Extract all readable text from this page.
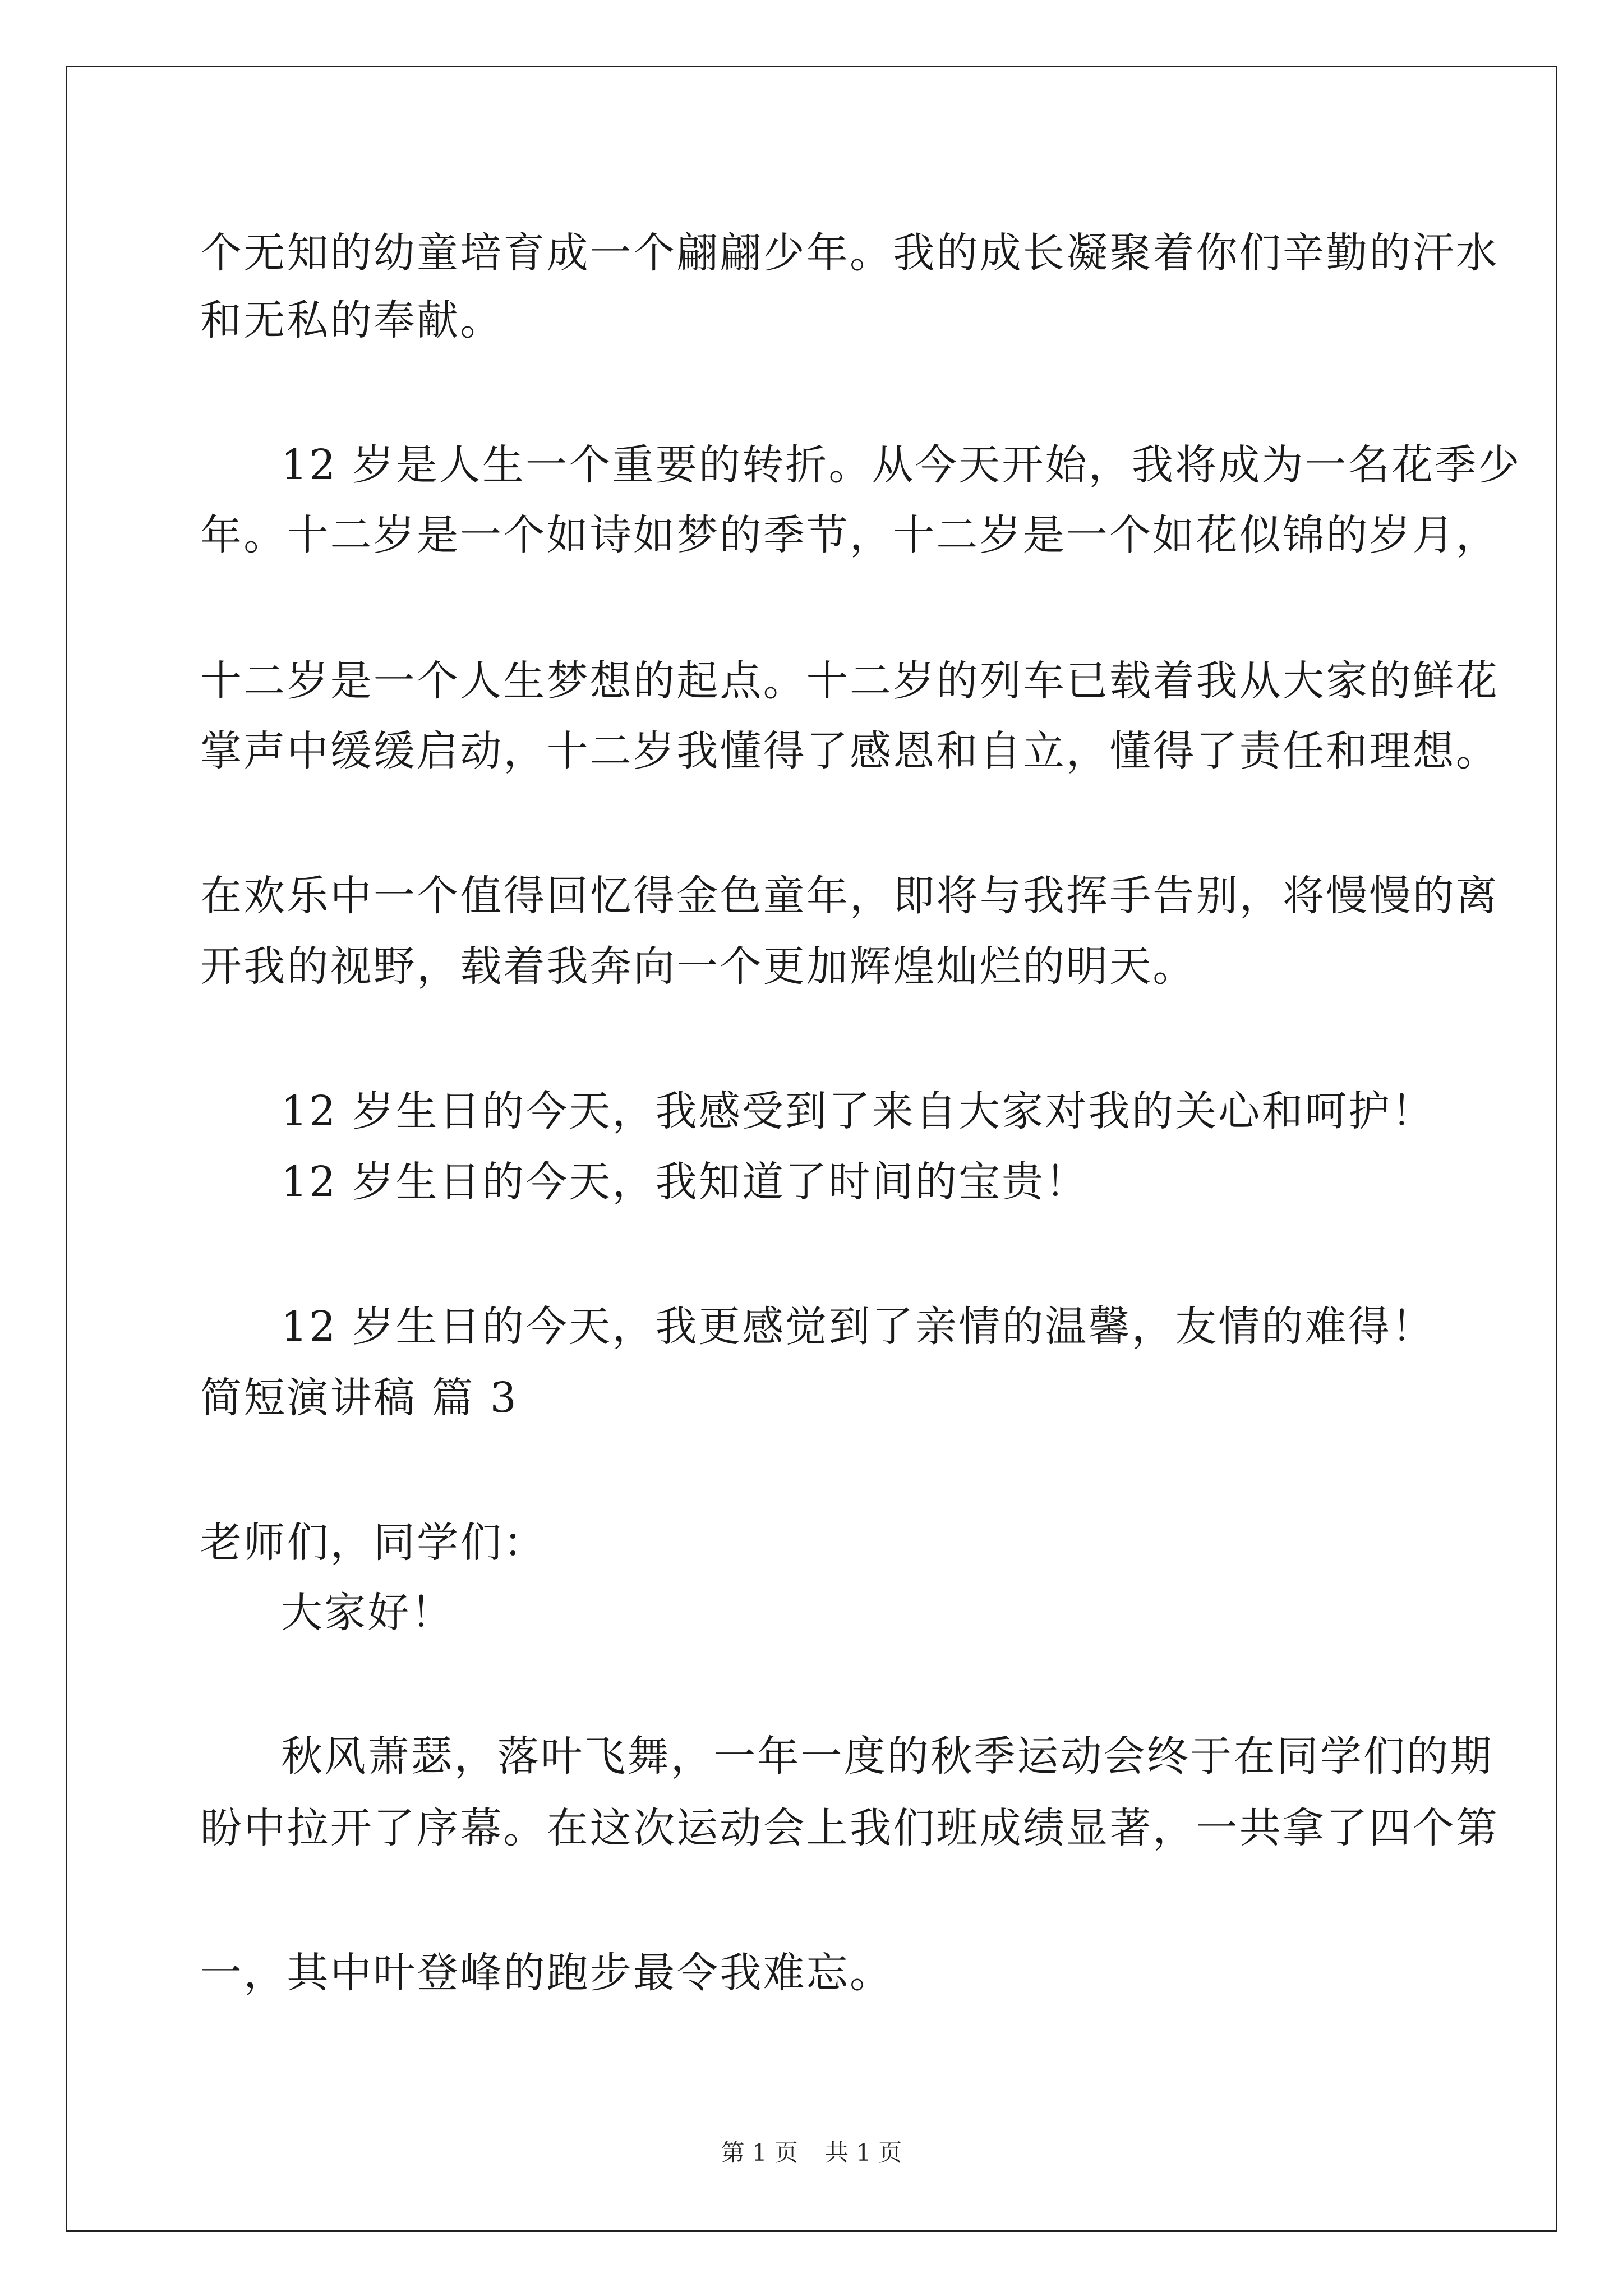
个无知的幼童培育成一个翩翩少年。我的成长凝聚着你们辛勤的汗水
和无私的奉献。
12 岁是人生一个重要的转折。从今天开始，我将成为一名花季少
年。十二岁是一个如诗如梦的季节，十二岁是一个如花似锦的岁月，
十二岁是一个人生梦想的起点。十二岁的列车已载着我从大家的鲜花
掌声中缓缓启动，十二岁我懂得了感恩和自立，懂得了责任和理想。
在欢乐中一个值得回忆得金色童年，即将与我挥手告别，将慢慢的离
开我的视野，载着我奔向一个更加辉煌灿烂的明天。
12 岁生日的今天，我感受到了来自大家对我的关心和呵护！
12 岁生日的今天，我知道了时间的宝贵！
12 岁生日的今天，我更感觉到了亲情的温馨，友情的难得！
简短演讲稿 篇 3
老师们，同学们：
大家好！
秋风萧瑟，落叶飞舞，一年一度的秋季运动会终于在同学们的期
盼中拉开了序幕。在这次运动会上我们班成绩显著，一共拿了四个第
一，其中叶登峰的跑步最令我难忘。
第 1 页 共 1 页
